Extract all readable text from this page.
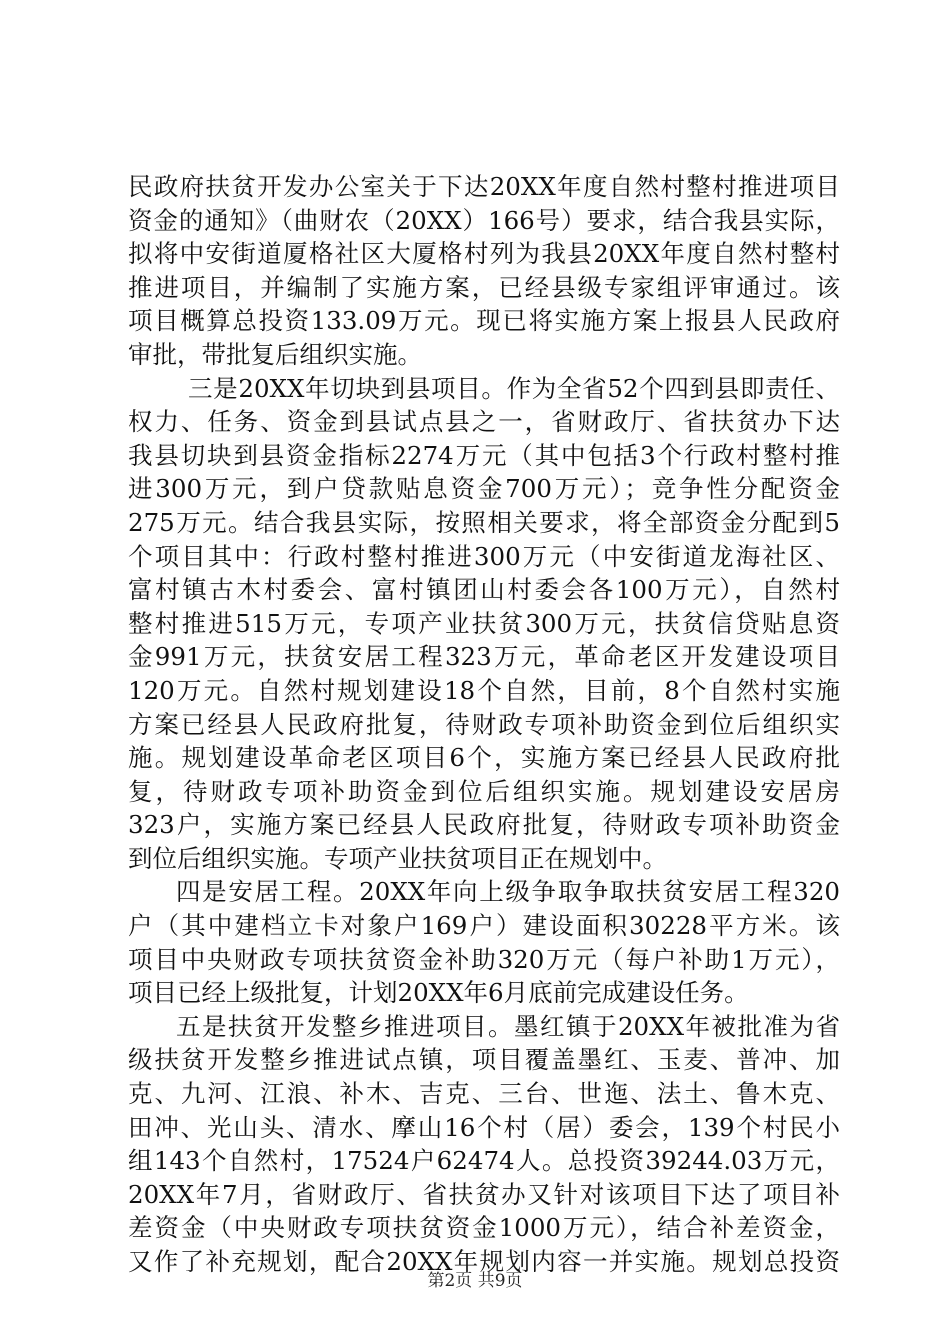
民政府扶贫开发办公室关于下达20XX年度自然村整村推进项目
资金的通知》（曲财农（20XX）166号）要求，结合我县实际，
拟将中安街道厦格社区大厦格村列为我县20XX年度自然村整村
推进项目，并编制了实施方案，已经县级专家组评审通过。该
项目概算总投资133.09万元。现已将实施方案上报县人民政府
审批，带批复后组织实施。
三是20XX年切块到县项目。作为全省52个四到县即责任、
权力、任务、资金到县试点县之一，省财政厅、省扶贫办下达
我县切块到县资金指标2274万元（其中包括3个行政村整村推
进300万元，到户贷款贴息资金700万元）；竞争性分配资金
275万元。结合我县实际，按照相关要求，将全部资金分配到5
个项目其中：行政村整村推进300万元（中安街道龙海社区、
富村镇古木村委会、富村镇团山村委会各100万元），自然村
整村推进515万元，专项产业扶贫300万元，扶贫信贷贴息资
金991万元，扶贫安居工程323万元，革命老区开发建设项目
120万元。自然村规划建设18个自然，目前，8个自然村实施
方案已经县人民政府批复，待财政专项补助资金到位后组织实
施。规划建设革命老区项目6个，实施方案已经县人民政府批
复，待财政专项补助资金到位后组织实施。规划建设安居房
323户，实施方案已经县人民政府批复，待财政专项补助资金
到位后组织实施。专项产业扶贫项目正在规划中。
四是安居工程。20XX年向上级争取争取扶贫安居工程320
户（其中建档立卡对象户169户）建设面积30228平方米。该
项目中央财政专项扶贫资金补助320万元（每户补助1万元），
项目已经上级批复，计划20XX年6月底前完成建设任务。
五是扶贫开发整乡推进项目。墨红镇于20XX年被批准为省
级扶贫开发整乡推进试点镇，项目覆盖墨红、玉麦、普冲、加
克、九河、江浪、补木、吉克、三台、世迤、法土、鲁木克、
田冲、光山头、清水、摩山16个村（居）委会，139个村民小
组143个自然村，17524户62474人。总投资39244.03万元，
20XX年7月，省财政厅、省扶贫办又针对该项目下达了项目补
差资金（中央财政专项扶贫资金1000万元），结合补差资金，
又作了补充规划，配合20XX年规划内容一并实施。规划总投资
第2页 共9页
